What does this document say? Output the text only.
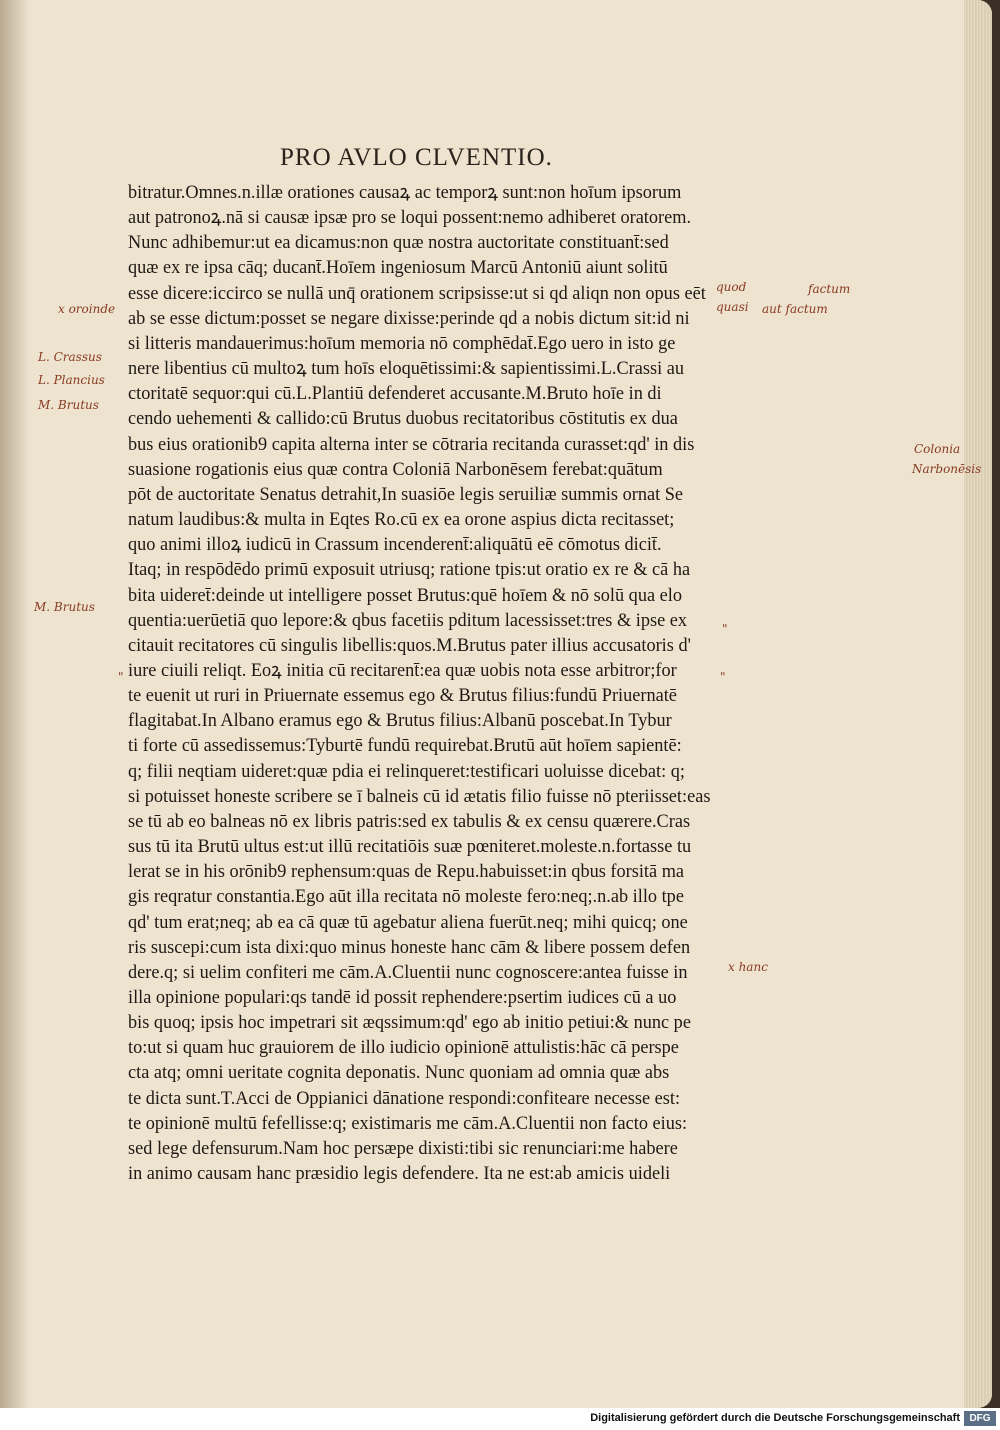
PRO AVLO CLVENTIO.
bitratur.Omnes.n.illæ orationes causaꝝ ac temporꝝ sunt:non hoīum ipsorum
aut patronoꝝ.nā si causæ ipsæ pro se loqui possent:nemo adhiberet oratorem.
Nunc adhibemur:ut ea dicamus:non quæ nostra auctoritate constituant̄:sed
quæ ex re ipsa cāq; ducant̄.Hoīem ingeniosum Marcū Antoniū aiunt solitū
esse dicere:iccirco se nullā unq̄ orationem scripsisse:ut si qd aliqn non opus eēt
ab se esse dictum:posset se negare dixisse:perinde qd a nobis dictum sit:id ni
si litteris mandauerimus:hoīum memoria nō comphēdat̄.Ego uero in isto ge
nere libentius cū multoꝝ tum hoīs eloquētissimi:& sapientissimi.L.Crassi au
ctoritatē sequor:qui cū.L.Plantiū defenderet accusante.M.Bruto hoīe in di
cendo uehementi & callido:cū Brutus duobus recitatoribus cōstitutis ex dua
bus eius orationib9 capita alterna inter se cōtraria recitanda curasset:qd' in dis
suasione rogationis eius quæ contra Coloniā Narbonēsem ferebat:quātum
pōt de auctoritate Senatus detrahit,In suasiōe legis seruiliæ summis ornat Se
natum laudibus:& multa in Eqtes Ro.cū ex ea orone aspius dicta recitasset;
quo animi illoꝝ iudicū in Crassum incenderent̄:aliquātū eē cōmotus dicit̄.
Itaq; in respōdēdo primū exposuit utriusq; ratione tpis:ut oratio ex re & cā ha
bita uideret̄:deinde ut intelligere posset Brutus:quē hoīem & nō solū qua elo
quentia:uerūetiā quo lepore:& qbus facetiis pditum lacessisset:tres & ipse ex
citauit recitatores cū singulis libellis:quos.M.Brutus pater illius accusatoris d'
iure ciuili reliqt. Eoꝝ initia cū recitarent̄:ea quæ uobis nota esse arbitror;for
te euenit ut ruri in Priuernate essemus ego & Brutus filius:fundū Priuernatē
flagitabat.In Albano eramus ego & Brutus filius:Albanū poscebat.In Tybur
ti forte cū assedissemus:Tyburtē fundū requirebat.Brutū aūt hoīem sapientē:
q; filii neqtiam uideret:quæ pdia ei relinqueret:testificari uoluisse dicebat: q;
si potuisset honeste scribere se ī balneis cū id ætatis filio fuisse nō pteriisset:eas
se tū ab eo balneas nō ex libris patris:sed ex tabulis & ex censu quærere.Cras
sus tū ita Brutū ultus est:ut illū recitatiōis suæ pœniteret.moleste.n.fortasse tu
lerat se in his orōnib9 rephensum:quas de Repu.habuisset:in qbus forsitā ma
gis reqratur constantia.Ego aūt illa recitata nō moleste fero:neq;.n.ab illo tpe
qd' tum erat;neq; ab ea cā quæ tū agebatur aliena fuerūt.neq; mihi quicq; one
ris suscepi:cum ista dixi:quo minus honeste hanc cām & libere possem defen
dere.q; si uelim confiteri me cām.A.Cluentii nunc cognoscere:antea fuisse in
illa opinione populari:qs tandē id possit rephendere:psertim iudices cū a uo
bis quoq; ipsis hoc impetrari sit æqssimum:qd' ego ab initio petiui:& nunc pe
to:ut si quam huc grauiorem de illo iudicio opinionē attulistis:hāc cā perspe
cta atq; omni ueritate cognita deponatis. Nunc quoniam ad omnia quæ abs
te dicta sunt.T.Acci de Oppianici dānatione respondi:confiteare necesse est:
te opinionē multū fefellisse:q; existimaris me cām.A.Cluentii non facto eius:
sed lege defensurum.Nam hoc persæpe dixisti:tibi sic renunciari:me habere
in animo causam hanc præsidio legis defendere. Ita ne est:ab amicis uideli
x oroinde
L. Crassus
L. Plancius
M. Brutus
M. Brutus
"
quod
quasi
factum
aut factum
Colonia
Narbonēsis
"
"
x hanc
Digitalisierung gefördert durch die Deutsche Forschungsgemeinschaft DFG
